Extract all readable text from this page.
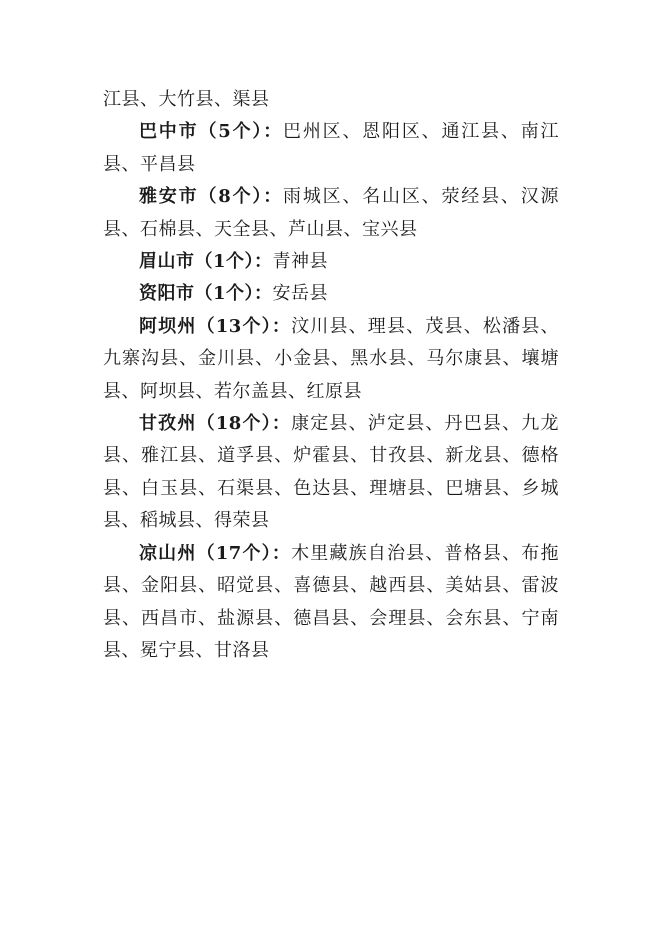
江县、大竹县、渠县

巴中市（5个）：巴州区、恩阳区、通江县、南江县、平昌县

雅安市（8个）：雨城区、名山区、荥经县、汉源县、石棉县、天全县、芦山县、宝兴县

眉山市（1个）：青神县

资阳市（1个）：安岳县

阿坝州（13个）：汶川县、理县、茂县、松潘县、九寨沟县、金川县、小金县、黑水县、马尔康县、壤塘县、阿坝县、若尔盖县、红原县

甘孜州（18个）：康定县、泸定县、丹巴县、九龙县、雅江县、道孚县、炉霍县、甘孜县、新龙县、德格县、白玉县、石渠县、色达县、理塘县、巴塘县、乡城县、稻城县、得荣县

凉山州（17个）：木里藏族自治县、普格县、布拖县、金阳县、昭觉县、喜德县、越西县、美姑县、雷波县、西昌市、盐源县、德昌县、会理县、会东县、宁南县、冕宁县、甘洛县
